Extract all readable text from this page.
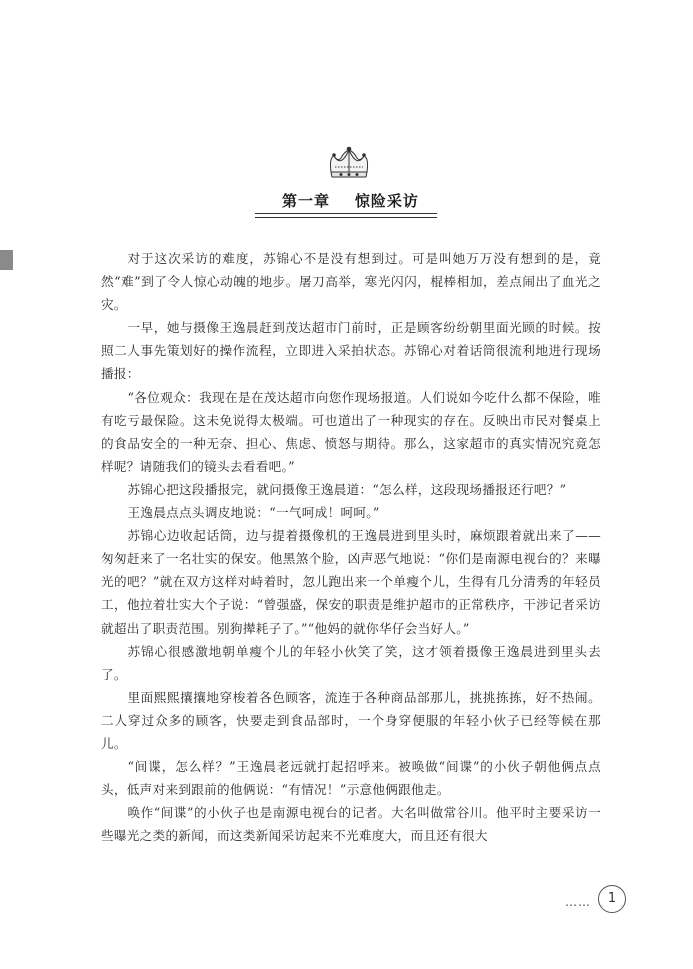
第一章    惊险采访

对于这次采访的难度，苏锦心不是没有想到过。可是叫她万万没有想到的是，竟然“难”到了令人惊心动魄的地步。屠刀高举，寒光闪闪，棍棒相加，差点闹出了血光之灾。

一早，她与摄像王逸晨赶到茂达超市门前时，正是顾客纷纷朝里面光顾的时候。按照二人事先策划好的操作流程，立即进入采拍状态。苏锦心对着话筒很流利地进行现场播报：

“各位观众：我现在是在茂达超市向您作现场报道。人们说如今吃什么都不保险，唯有吃亏最保险。这未免说得太极端。可也道出了一种现实的存在。反映出市民对餐桌上的食品安全的一种无奈、担心、焦虑、愤怒与期待。那么，这家超市的真实情况究竟怎样呢？请随我们的镜头去看看吧。”

苏锦心把这段播报完，就问摄像王逸晨道：“怎么样，这段现场播报还行吧？”

王逸晨点点头调皮地说：“一气呵成！呵呵。”

苏锦心边收起话筒，边与提着摄像机的王逸晨进到里头时，麻烦跟着就出来了——匆匆赶来了一名壮实的保安。他黑煞个脸，凶声恶气地说：“你们是南源电视台的？来曝光的吧？”就在双方这样对峙着时，忽儿跑出来一个单瘦个儿，生得有几分清秀的年轻员工，他拉着壮实大个子说：“曾强盛，保安的职责是维护超市的正常秩序，干涉记者采访就超出了职责范围。别狗撵耗子了。”“他妈的就你华仔会当好人。”

苏锦心很感激地朝单瘦个儿的年轻小伙笑了笑，这才领着摄像王逸晨进到里头去了。

里面熙熙攘攘地穿梭着各色顾客，流连于各种商品部那儿，挑挑拣拣，好不热闹。二人穿过众多的顾客，快要走到食品部时，一个身穿便服的年轻小伙子已经等候在那儿。

“间谍，怎么样？”王逸晨老远就打起招呼来。被唤做“间谍”的小伙子朝他俩点点头，低声对来到跟前的他俩说：“有情况！”示意他俩跟他走。

唤作“间谍”的小伙子也是南源电视台的记者。大名叫做常谷川。他平时主要采访一些曝光之类的新闻，而这类新闻采访起来不光难度大，而且还有很大

……	1
